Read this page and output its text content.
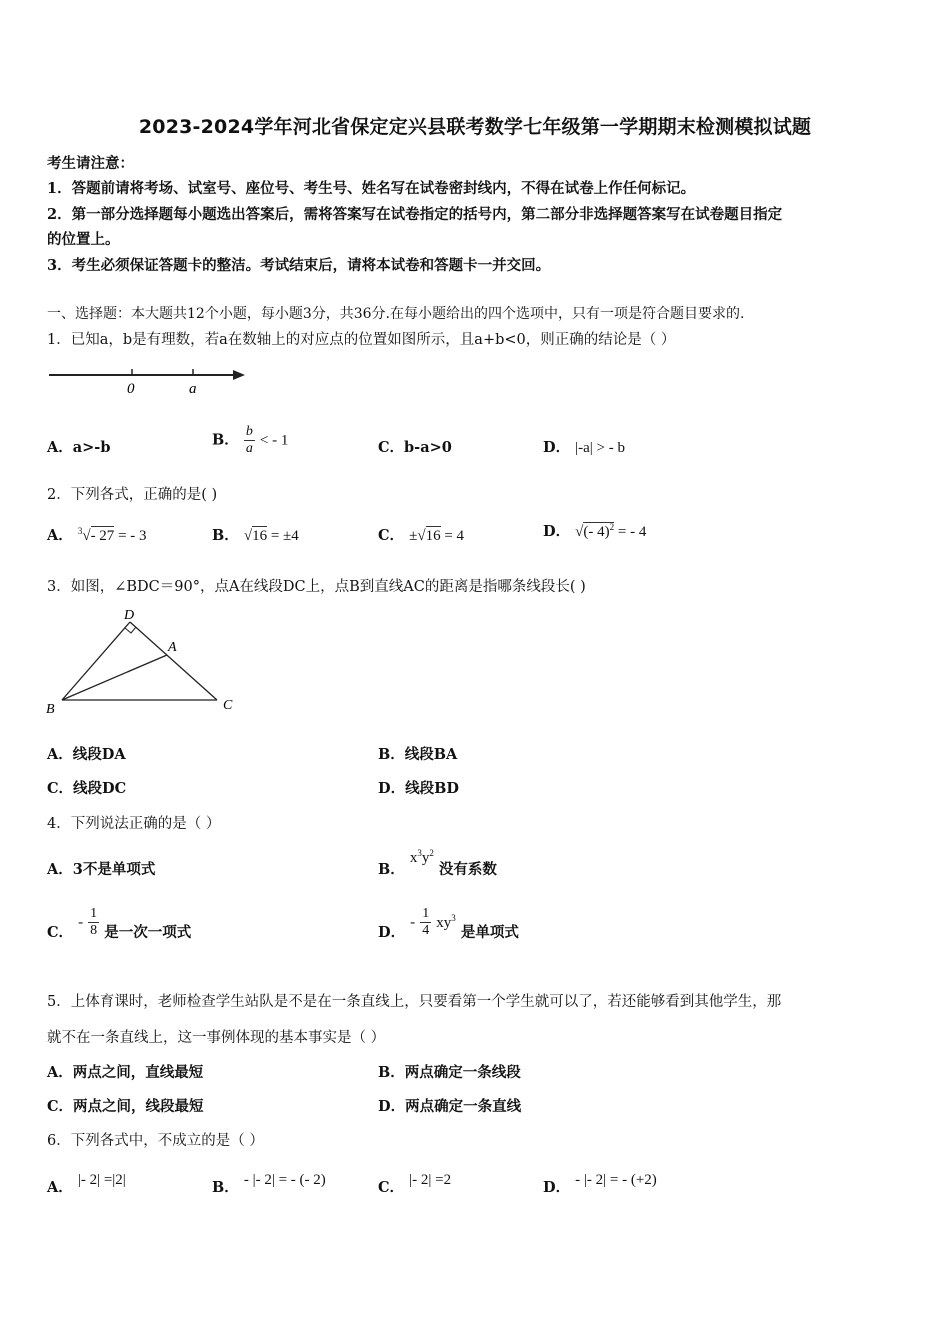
2023-2024学年河北省保定定兴县联考数学七年级第一学期期末检测模拟试题
考生请注意：
1．答题前请将考场、试室号、座位号、考生号、姓名写在试卷密封线内，不得在试卷上作任何标记。
2．第一部分选择题每小题选出答案后，需将答案写在试卷指定的括号内，第二部分非选择题答案写在试卷题目指定
的位置上。
3．考生必须保证答题卡的整洁。考试结束后，请将本试卷和答题卡一并交回。
一、选择题：本大题共12个小题，每小题3分，共36分.在每小题给出的四个选项中，只有一项是符合题目要求的.
1．已知a，b是有理数，若a在数轴上的对应点的位置如图所示，且a+b<0，则正确的结论是（ ）
0	a
A．a>-b	B． $\frac{b}{a}$ < - 1	C．b-a>0	D． |-a| > - b
2．下列各式，正确的是( )
A． $^3$√- 27 = - 3	B． √16 = ±4	C． ±√16 = 4	D． √(- 4)$^2$ = - 4
3．如图，∠BDC＝90°，点A在线段DC上，点B到直线AC的距离是指哪条线段长( )
D
A
B	C
A．线段DA	B．线段BA
C．线段DC	D．线段BD
4．下列说法正确的是（ ）
A．3不是单项式	B． $x^3y^2$ 没有系数
C． - $\frac{1}{8}$ 是一次一项式	D． - $\frac{1}{4} xy^3$ 是单项式
5．上体育课时，老师检查学生站队是不是在一条直线上，只要看第一个学生就可以了，若还能够看到其他学生，那
就不在一条直线上，这一事例体现的基本事实是（ ）
A．两点之间，直线最短	B．两点确定一条线段
C．两点之间，线段最短	D．两点确定一条直线
6．下列各式中，不成立的是（ ）
A． |- 2| =|2|	B． - |- 2| = - (- 2)	C． |- 2| =2	D． - |- 2| = - (+2)
